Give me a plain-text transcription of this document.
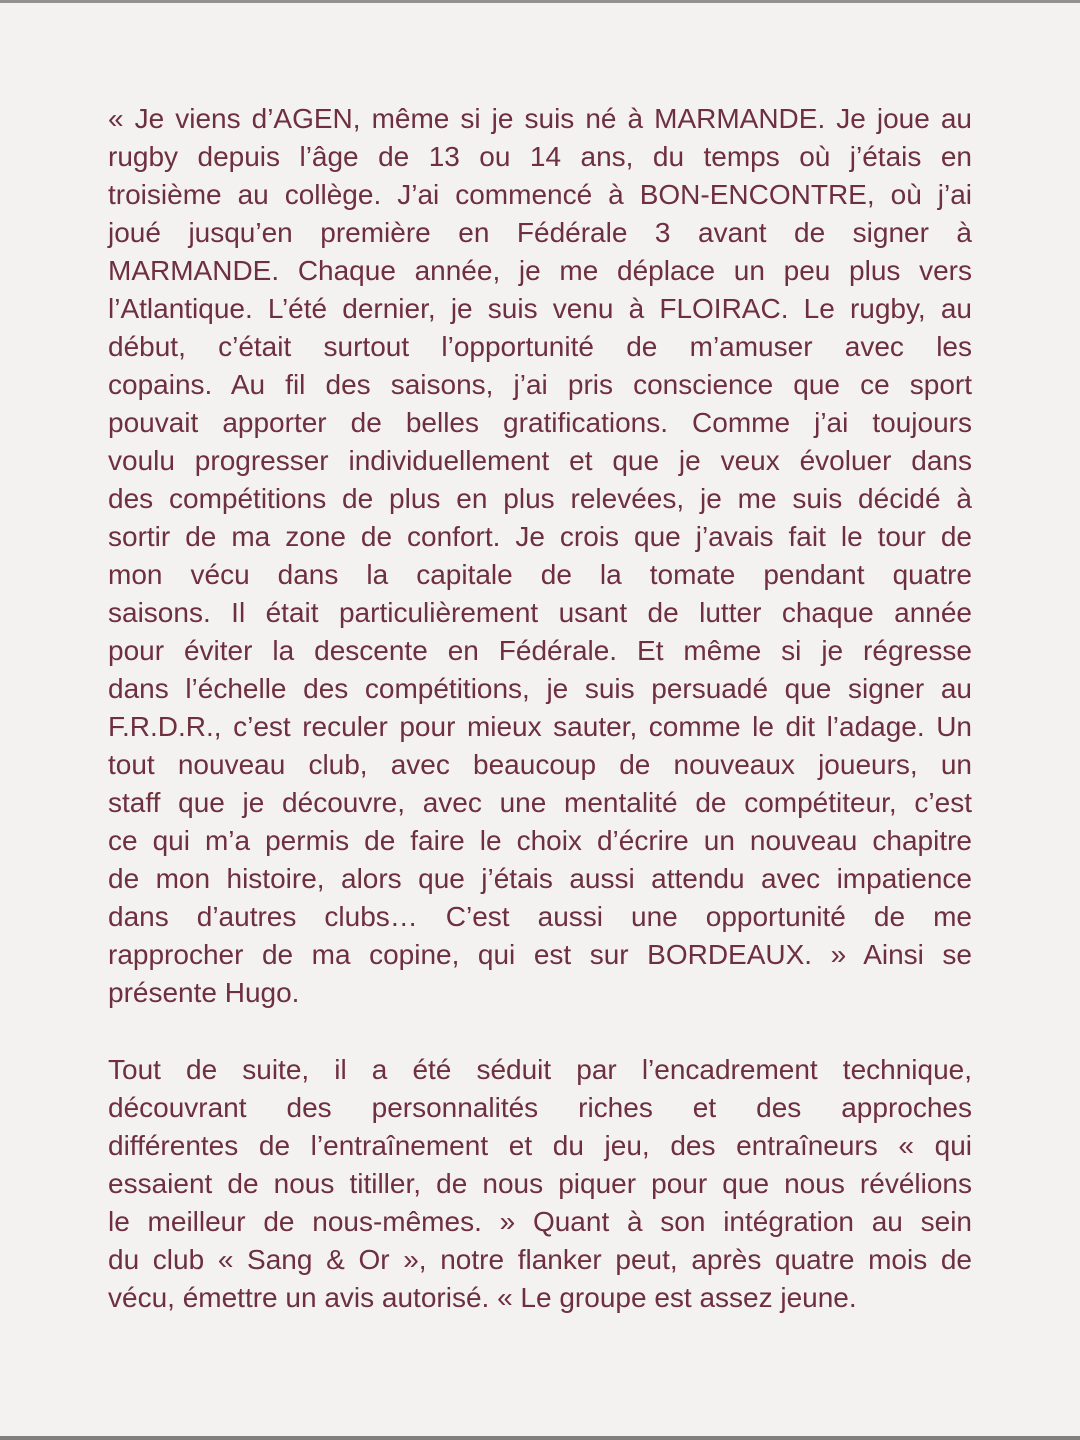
« Je viens d’AGEN, même si je suis né à MARMANDE. Je joue au
rugby depuis l’âge de 13 ou 14 ans, du temps où j’étais en
troisième au collège. J’ai commencé à BON-ENCONTRE, où j’ai
joué jusqu’en première en Fédérale 3 avant de signer à
MARMANDE. Chaque année, je me déplace un peu plus vers
l’Atlantique. L’été dernier, je suis venu à FLOIRAC. Le rugby, au
début, c’était surtout l’opportunité de m’amuser avec les
copains. Au fil des saisons, j’ai pris conscience que ce sport
pouvait apporter de belles gratifications. Comme j’ai toujours
voulu progresser individuellement et que je veux évoluer dans
des compétitions de plus en plus relevées, je me suis décidé à
sortir de ma zone de confort. Je crois que j’avais fait le tour de
mon vécu dans la capitale de la tomate pendant quatre
saisons. Il était particulièrement usant de lutter chaque année
pour éviter la descente en Fédérale. Et même si je régresse
dans l’échelle des compétitions, je suis persuadé que signer au
F.R.D.R., c’est reculer pour mieux sauter, comme le dit l’adage. Un
tout nouveau club, avec beaucoup de nouveaux joueurs, un
staff que je découvre, avec une mentalité de compétiteur, c’est
ce qui m’a permis de faire le choix d’écrire un nouveau chapitre
de mon histoire, alors que j’étais aussi attendu avec impatience
dans d’autres clubs… C’est aussi une opportunité de me
rapprocher de ma copine, qui est sur BORDEAUX. » Ainsi se
présente Hugo.
Tout de suite, il a été séduit par l’encadrement technique,
découvrant des personnalités riches et des approches
différentes de l’entraînement et du jeu, des entraîneurs « qui
essaient de nous titiller, de nous piquer pour que nous révélions
le meilleur de nous-mêmes. » Quant à son intégration au sein
du club « Sang & Or », notre flanker peut, après quatre mois de
vécu, émettre un avis autorisé. « Le groupe est assez jeune.
